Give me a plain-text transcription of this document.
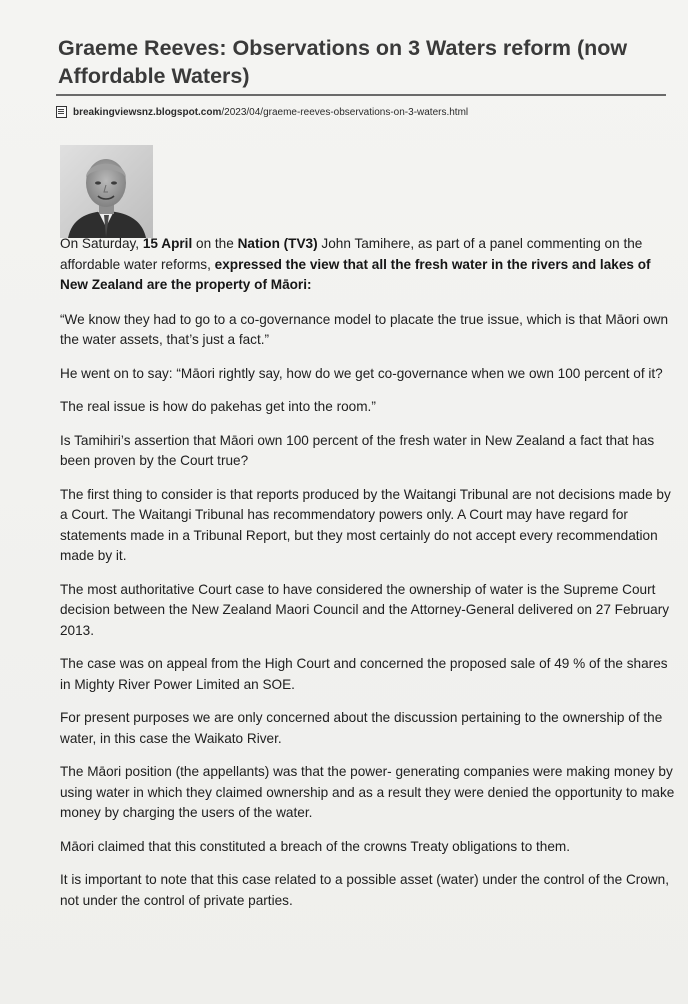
Graeme Reeves: Observations on 3 Waters reform (now Affordable Waters)
breakingviewsnz.blogspot.com /2023/04/graeme-reeves-observations-on-3-waters.html

On Saturday, 15 April on the Nation (TV3) John Tamihere, as part of a panel commenting on the affordable water reforms, expressed the view that all the fresh water in the rivers and lakes of New Zealand are the property of Māori:

“We know they had to go to a co-governance model to placate the true issue, which is that Māori own the water assets, that’s just a fact.”

He went on to say: “Māori rightly say, how do we get co-governance when we own 100 percent of it?

The real issue is how do pakehas get into the room.”

Is Tamihiri’s assertion that Māori own 100 percent of the fresh water in New Zealand a fact that has been proven by the Court true?

The first thing to consider is that reports produced by the Waitangi Tribunal are not decisions made by a Court. The Waitangi Tribunal has recommendatory powers only. A Court may have regard for statements made in a Tribunal Report, but they most certainly do not accept every recommendation made by it.

The most authoritative Court case to have considered the ownership of water is the Supreme Court decision between the New Zealand Maori Council and the Attorney-General delivered on 27 February 2013.

The case was on appeal from the High Court and concerned the proposed sale of 49 % of the shares in Mighty River Power Limited an SOE.

For present purposes we are only concerned about the discussion pertaining to the ownership of the water, in this case the Waikato River.

The Māori position (the appellants) was that the power- generating companies were making money by using water in which they claimed ownership and as a result they were denied the opportunity to make money by charging the users of the water.

Māori claimed that this constituted a breach of the crowns Treaty obligations to them.

It is important to note that this case related to a possible asset (water) under the control of the Crown, not under the control of private parties.
